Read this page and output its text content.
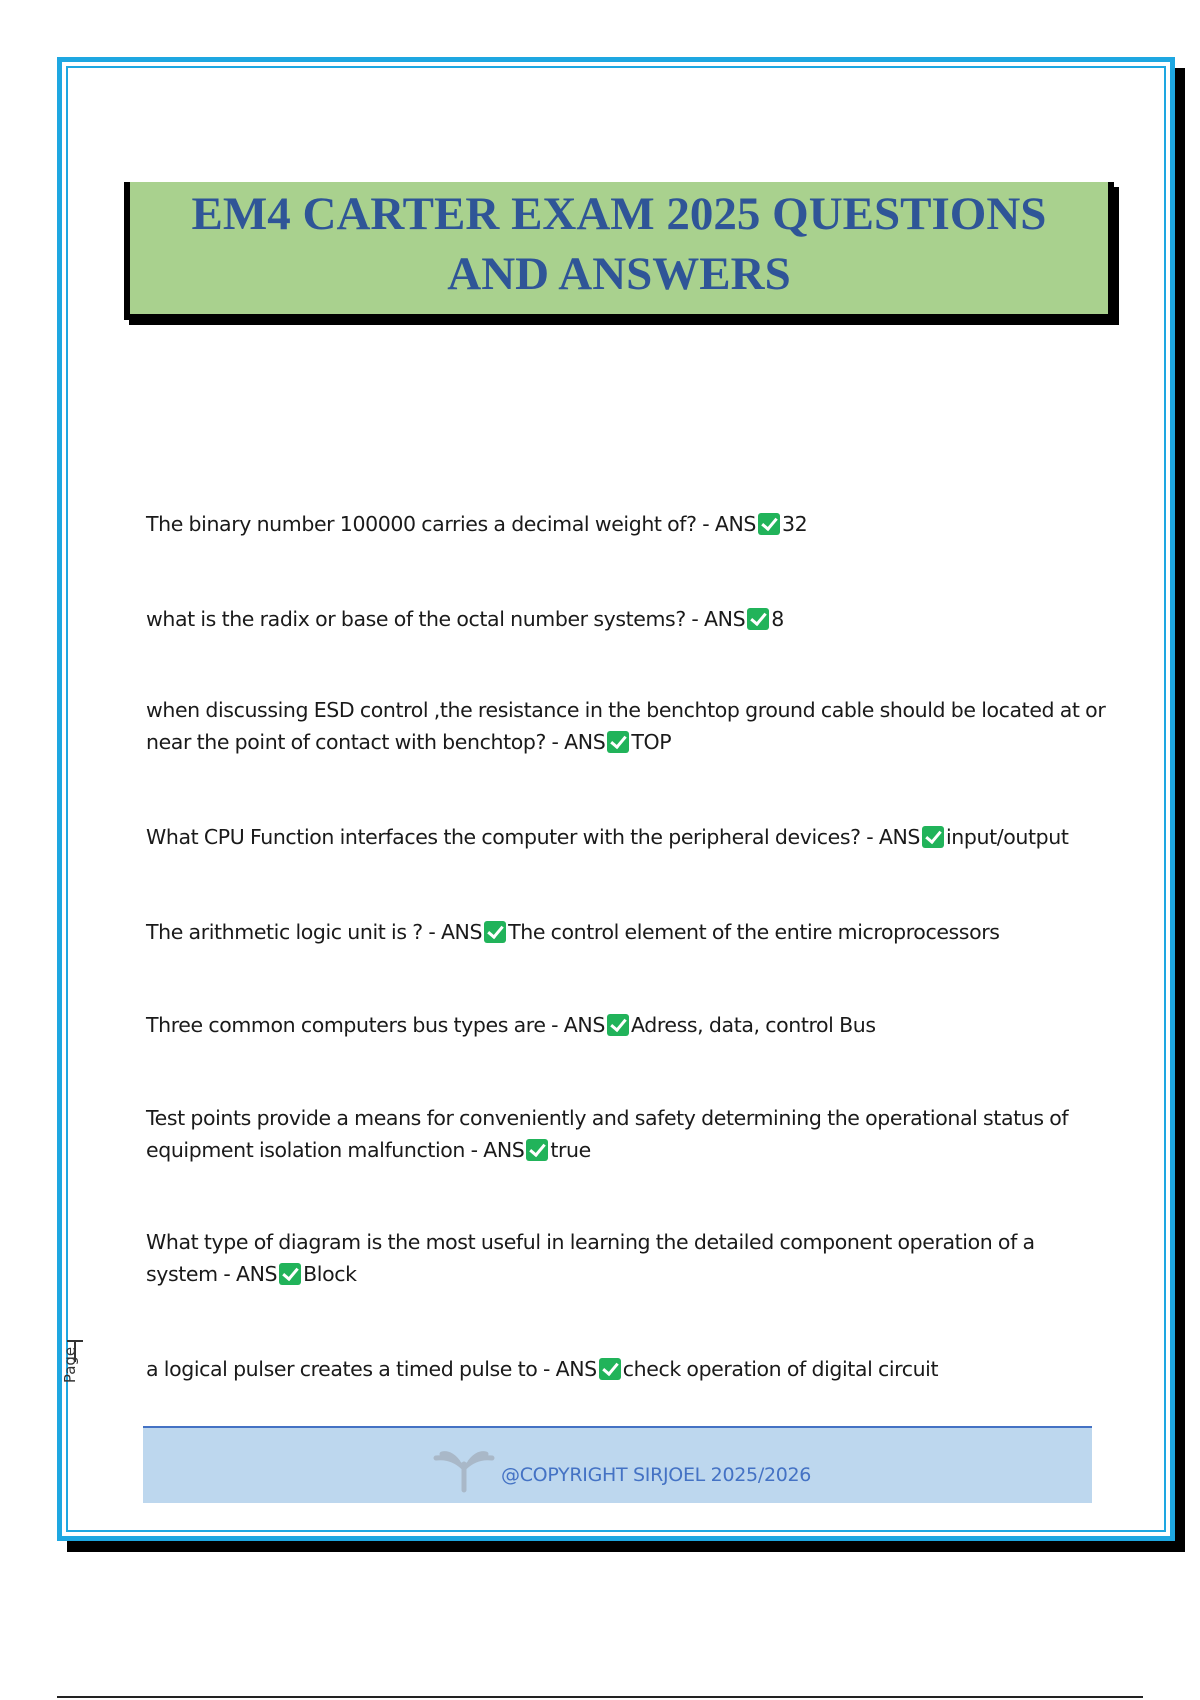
EM4 CARTER EXAM 2025 QUESTIONS
AND ANSWERS
The binary number 100000 carries a decimal weight of? - ANS 32
what is the radix or base of the octal number systems? - ANS 8
when discussing ESD control ,the resistance in the benchtop ground cable should be located at or near the point of contact with benchtop? - ANS TOP
What CPU Function interfaces the computer with the peripheral devices? - ANS input/output
The arithmetic logic unit is ? - ANS The control element of the entire microprocessors
Three common computers bus types are - ANS Adress, data, control Bus
Test points provide a means for conveniently and safety determining the operational status of equipment isolation malfunction - ANS true
What type of diagram is the most useful in learning the detailed component operation of a system - ANS Block
a logical pulser creates a timed pulse to - ANS check operation of digital circuit
Page
@COPYRIGHT SIRJOEL 2025/2026
